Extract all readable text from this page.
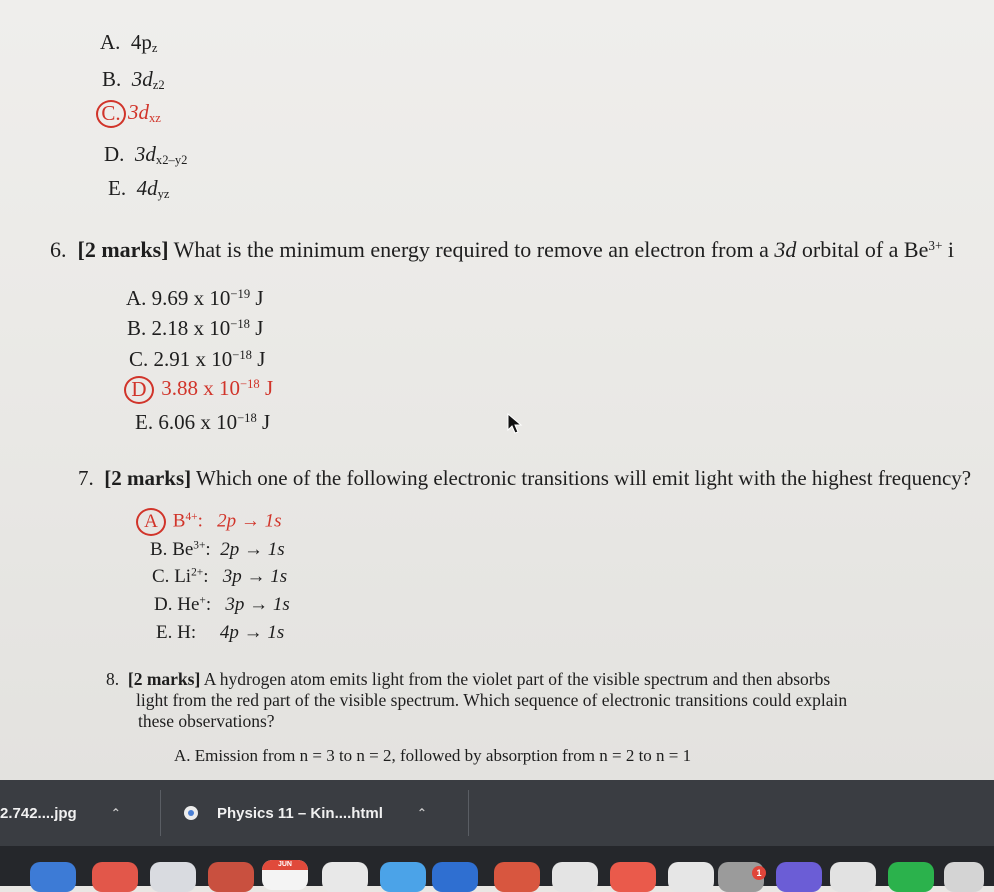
A. $4p_z$
B. $3d_{z2}$
C. $3d_{xz}$
D. $3d_{x2-y2}$
E. $4d_{yz}$
6. [2 marks] What is the minimum energy required to remove an electron from a 3d orbital of a $Be^{3+}$ i
A. 9.69 x $10^{-19}$ J
B. 2.18 x $10^{-18}$ J
C. 2.91 x $10^{-18}$ J
D 3.88 x $10^{-18}$ J
E. 6.06 x $10^{-18}$ J
7. [2 marks] Which one of the following electronic transitions will emit light with the highest frequency?
A $B^{4+}$: 2p → 1s
B. $Be^{3+}$: 2p → 1s
C. $Li^{2+}$: 3p → 1s
D. He+: 3p → 1s
E. H: 4p → 1s
8. [2 marks] A hydrogen atom emits light from the violet part of the visible spectrum and then absorbs
light from the red part of the visible spectrum. Which sequence of electronic transitions could explain
these observations?
A. Emission from n = 3 to n = 2, followed by absorption from n = 2 to n = 1
2.742....jpg	⌃	Physics 11 – Kin....html	⌃
JUN
1
